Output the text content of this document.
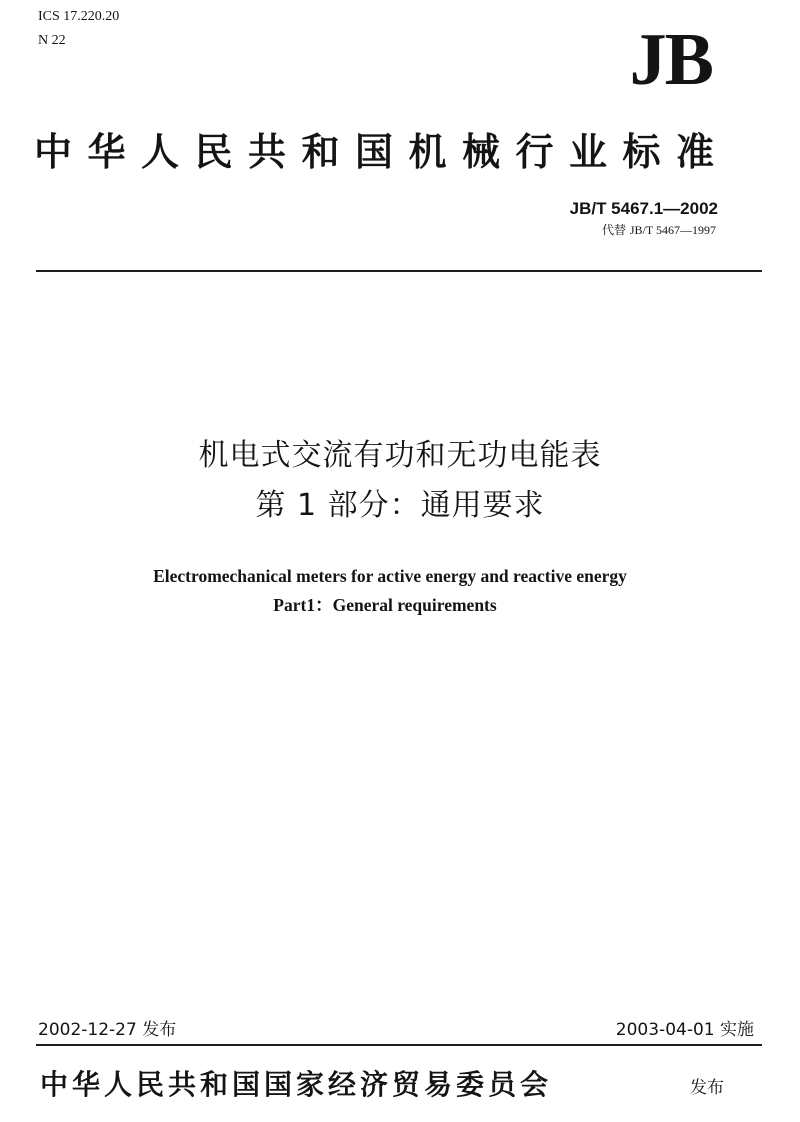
ICS 17.220.20
N 22	JB
中华人民共和国机械行业标准
JB/T 5467.1—2002
代替 JB/T 5467—1997
机电式交流有功和无功电能表
第 1 部分：通用要求
Electromechanical meters for active energy and reactive energy
Part1：General requirements
2002-12-27 发布	2003-04-01 实施
中华人民共和国国家经济贸易委员会	发布
